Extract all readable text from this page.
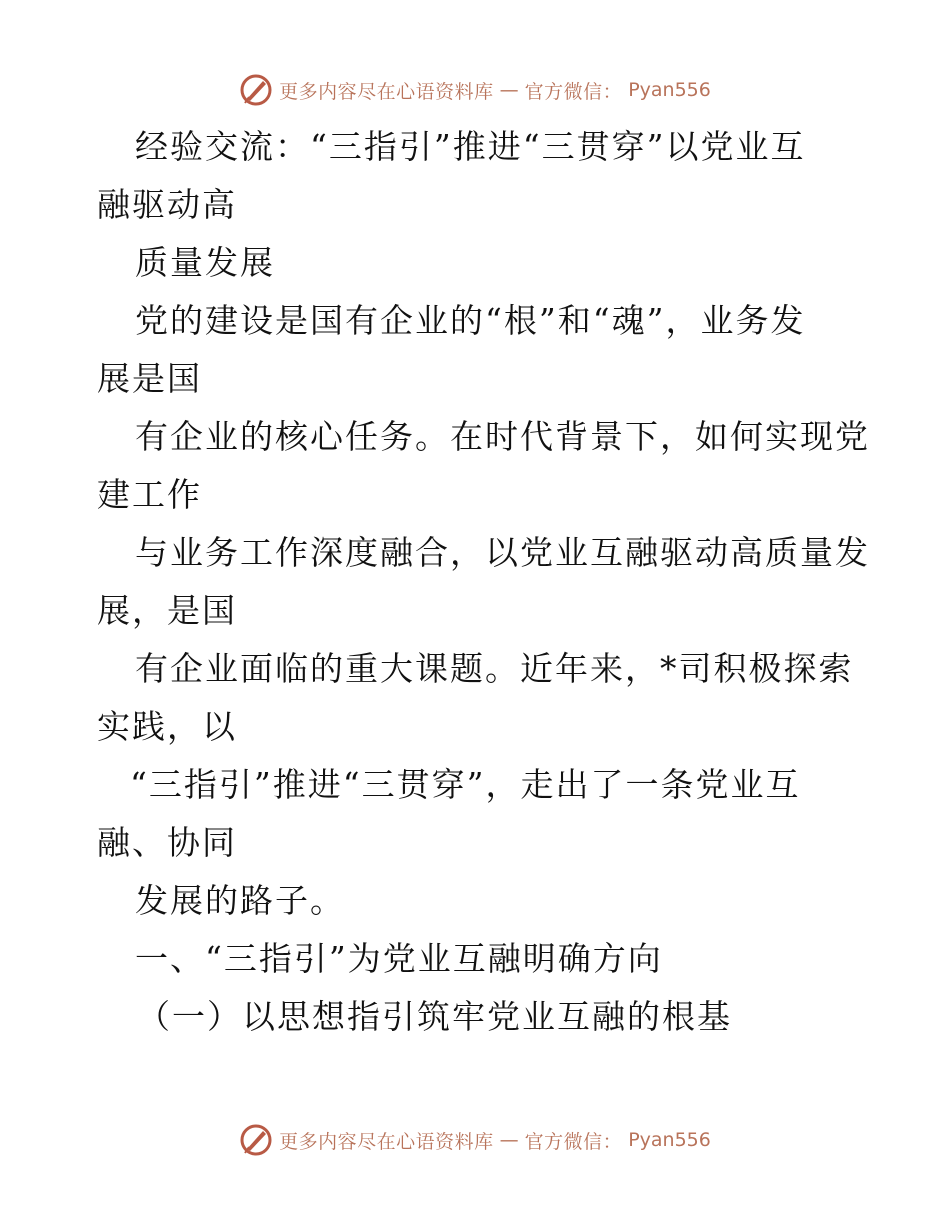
更多内容尽在心语资料库 — 官方微信： Pyan556
经验交流：“三指引”推进“三贯穿”以党业互
融驱动高
质量发展
党的建设是国有企业的“根”和“魂”，业务发
展是国
有企业的核心任务。在时代背景下，如何实现党
建工作
与业务工作深度融合，以党业互融驱动高质量发
展，是国
有企业面临的重大课题。近年来，*司积极探索
实践，以
“三指引”推进“三贯穿”，走出了一条党业互
融、协同
发展的路子。
一、“三指引”为党业互融明确方向
（一）以思想指引筑牢党业互融的根基
更多内容尽在心语资料库 — 官方微信： Pyan556
